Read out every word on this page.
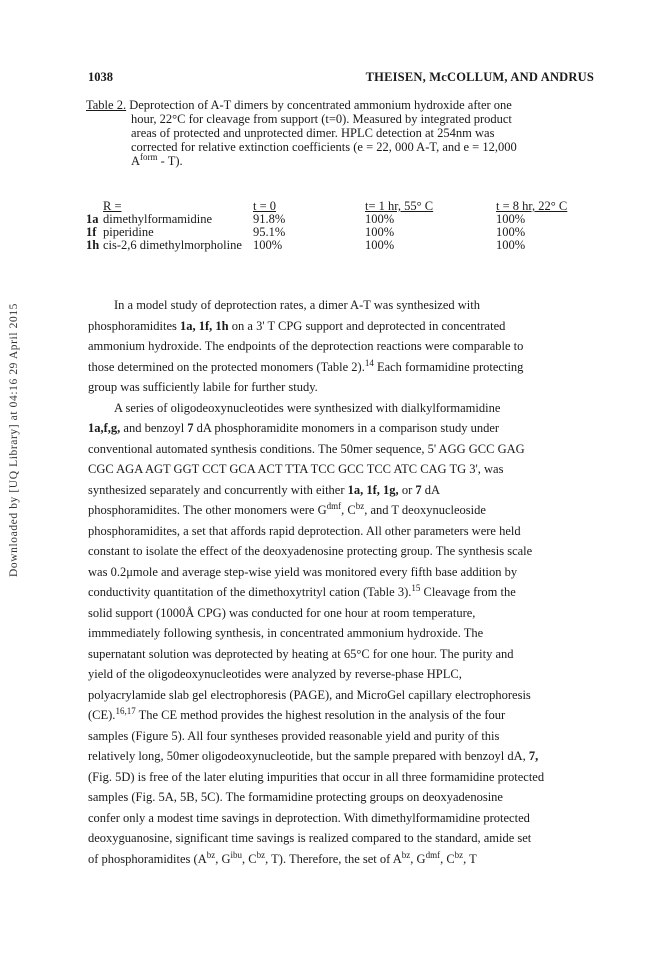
1038	THEISEN, McCOLLUM, AND ANDRUS
Downloaded by [UQ Library] at 04:16 29 April 2015
Table 2. Deprotection of A-T dimers by concentrated ammonium hydroxide after one
hour, 22°C for cleavage from support (t=0). Measured by integrated product
areas of protected and unprotected dimer. HPLC detection at 254nm was
corrected for relative extinction coefficients (e = 22, 000 A-T, and e = 12,000
$A^{form} - T$).
R =	t = 0	t= 1 hr, 55° C	t = 8 hr, 22° C
1a dimethylformamidine	91.8%	100%	100%
1f piperidine	95.1%	100%	100%
1h cis-2,6 dimethylmorpholine 100%	100%	100%
In a model study of deprotection rates, a dimer A-T was synthesized with
phosphoramidites 1a, 1f, 1h on a 3' T CPG support and deprotected in concentrated
ammonium hydroxide. The endpoints of the deprotection reactions were comparable to
those determined on the protected monomers (Table 2).$^{14}$ Each formamidine protecting
group was sufficiently labile for further study.
A series of oligodeoxynucleotides were synthesized with dialkylformamidine
1a,f,g, and benzoyl 7 dA phosphoramidite monomers in a comparison study under
conventional automated synthesis conditions. The 50mer sequence, 5' AGG GCC GAG
CGC AGA AGT GGT CCT GCA ACT TTA TCC GCC TCC ATC CAG TG 3', was
synthesized separately and concurrently with either 1a, 1f, 1g, or 7 dA
phosphoramidites. The other monomers were $G^{dmf}$, $C^{bz}$, and T deoxynucleoside
phosphoramidites, a set that affords rapid deprotection. All other parameters were held
constant to isolate the effect of the deoxyadenosine protecting group. The synthesis scale
was 0.2μmole and average step-wise yield was monitored every fifth base addition by
conductivity quantitation of the dimethoxytrityl cation (Table 3).$^{15}$ Cleavage from the
solid support (1000Å CPG) was conducted for one hour at room temperature,
immmediately following synthesis, in concentrated ammonium hydroxide. The
supernatant solution was deprotected by heating at 65°C for one hour. The purity and
yield of the oligodeoxynucleotides were analyzed by reverse-phase HPLC,
polyacrylamide slab gel electrophoresis (PAGE), and MicroGel capillary electrophoresis
(CE).$^{16,17}$ The CE method provides the highest resolution in the analysis of the four
samples (Figure 5). All four syntheses provided reasonable yield and purity of this
relatively long, 50mer oligodeoxynucleotide, but the sample prepared with benzoyl dA, 7,
(Fig. 5D) is free of the later eluting impurities that occur in all three formamidine protected
samples (Fig. 5A, 5B, 5C). The formamidine protecting groups on deoxyadenosine
confer only a modest time savings in deprotection. With dimethylformamidine protected
deoxyguanosine, significant time savings is realized compared to the standard, amide set
of phosphoramidites ($A^{bz}$, $G^{ibu}$, $C^{bz}$, T). Therefore, the set of $A^{bz}$, $G^{dmf}$, $C^{bz}$, T
